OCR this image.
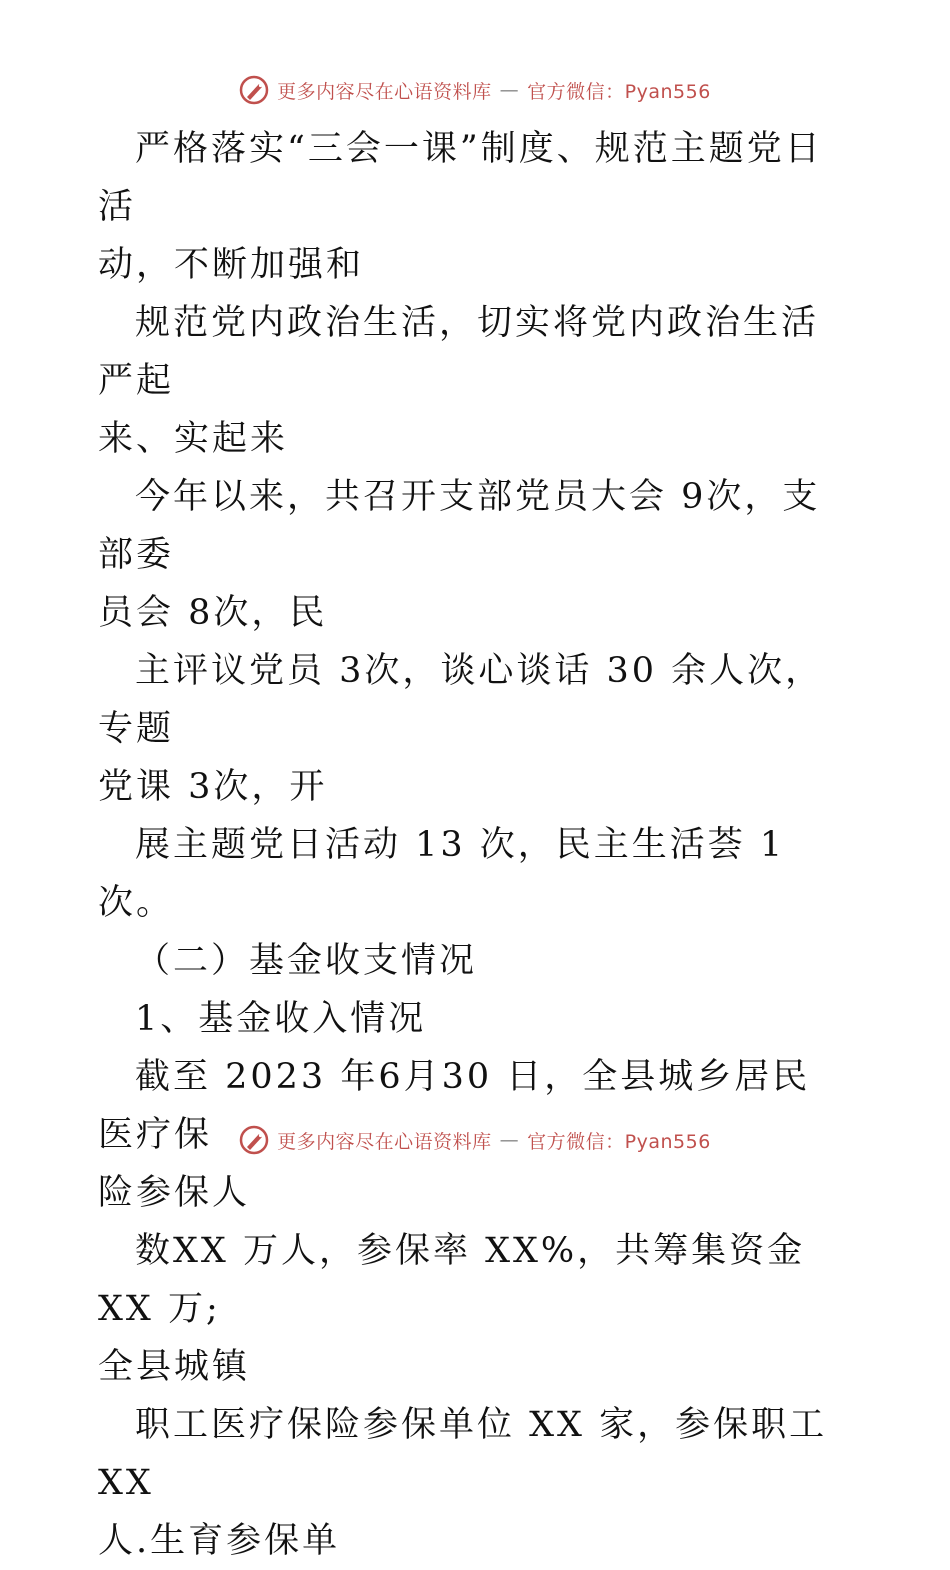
更多内容尽在心语资料库 — 官方微信：Pyan556

严格落实“三会一课”制度、规范主题党日活

动，不断加强和

规范党内政治生活，切实将党内政治生活严起

来、实起来

今年以来，共召开支部党员大会 9次，支部委

员会 8次，民

主评议党员 3次，谈心谈话 30 余人次，专题

党课 3次，开

展主题党日活动 13 次，民主生活荟 1次。

（二）基金收支情况

1、基金收入情况

截至 2023 年6月30 日，全县城乡居民医疗保

险参保人

数XX 万人，参保率 XX%，共筹集资金 XX 万;

全县城镇

职工医疗保险参保单位 XX 家，参保职工 XX

人.生育参保单

更多内容尽在心语资料库 — 官方微信：Pyan556
